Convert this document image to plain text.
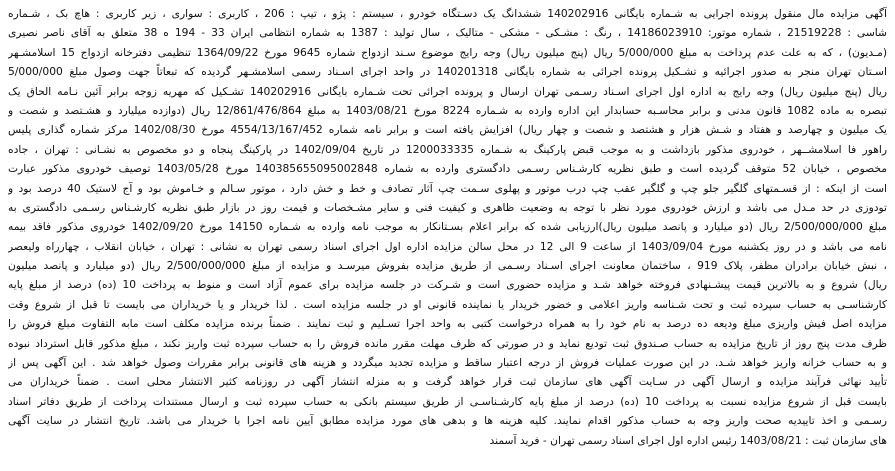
آگهی مزایده مال منقول پرونده اجرایی به شـماره بایگانی 140202916 ششدانگ یک دسـتگاه خودرو ، سیستم : پژو ، تیپ : 206 ، کاربری : سواری ، زیر کاربری : هاچ بک ، شـماره
شاسی : 21519228 ، شماره موتور: 14186023910 ، رنگ : مشـکی - مشکی - متالیک ، سال تولید : 1387 به شماره انتظامی ایران 33 - 194 ه 38 متعلق به آقای ناصر نصیری
(مـدیون) ، که به علت عدم پرداخت به مبلغ 5/000/000 ریال (پنج میلیون ریال) وجه رایج موضوع سـند ازدواج شماره 9645 مورخ 1364/09/22 تنظیمی دفترخانه ازدواج 15 اسلامشـهر
اسـتان تهران منجر به صدور اجرائیه و تشـکیل پرونده اجرائی به شماره بایگانی 140201318 در واحد اجرای اسـناد رسمی اسلامشـهر گردیده که تبعاتاً جهت وصول مبلغ 5/000/000
ریال (پنج میلیون ریال) وجه رایج به اداره اول اجرای اسـناد رسـمی تهران ارسال و پرونده اجرائی تحت شـماره بایگانی 140202916 تشـکیل که مهریه زوجه برابر آئین نـامه الحاق یک
تبصره به ماده 1082 قانون مدنی و برابر محاسـبه حسابدار این اداره وارده به شـماره 8224 مورخ 1403/08/21 به مبلغ 12/861/476/864 ریال (دوازده میلیارد و هشـتصد و شصت و
یک میلیون و چهارصد و هفتاد و شـش هزار و هشتصد و شصت و چهار ریال) افزایش یافته است و برابر نامه شماره 4554/13/167/452 مورخ 1402/08/30 مرکز شماره گذاری پلیس
راهور فا اسلامشــهر ، خودروی مذکور بازداشت و به موجب قبض پارکینگ به شـماره 1200033335 در تاریخ 1402/09/04 در پارکینگ پنجاه و دو مخصوص به نشـانی : تهران ، جاده
مخصوص ، خیابان 52 متوقف گردیده است و طبق نظریه کارشـناس رسـمی دادگستری وارده به شماره 140385655095002848 مورخ 1403/05/28 توصیف خودروی مذکور عبارت
است از اینکه : از قسـمتهای گلگیر جلو چپ و گلگیر عقب چپ درب موتور و پهلوی سـمت چپ آثار تصادف و خط و خش دارد ، موتور سـالم و خـاموش بود و آج لاستیک 40 درصد بود و
تودوزی در حد مـدل می باشد و ارزش خودروی مورد نظر با توجه به وضعیت ظاهری و کیفیت فنی و سایر مشـخصات و قیمت روز در بازار طبق نظریه کارشـناس رسـمی دادگستری به
مبلغ 2/500/000/000 ریال (دو میلیارد و پانصد میلیون ریال)ارزیابی شده که برابر اعلام بسـتانکار به موجب نامه وارده به شـماره 14150 مورخ 1402/09/20 خودروی مذکور فاقد بیمه
نامه می باشد و در روز یکشنبه مورخ 1403/09/04 از ساعت 9 الی 12 در محل سالن مزایده اداره اول اجرای اسناد رسمی تهران به نشانی : تهران ، خیابان انقلاب ، چهارراه ولیعصر
، نبش خیابان برادران مظفر، پلاک 919 ، ساختمان معاونت اجرای اسـناد رسـمی از طریق مزایده بفروش میرسـد و مزایده از مبلغ 2/500/000/000 ریال (دو میلیارد و پانصد میلیون
ریال) شروع و به بالاترین قیمت پیشـنهادی فروخته خواهد شـد و مزایده حضوری است و شـرکت در جلسه مزایده برای عموم آزاد است و منوط به پرداخت 10 (ده) درصد از مبلغ پایه
کارشناسـی به حساب سپرده ثبت و تحت شـناسه واریز اعلامی و خضور خریدار یا نماینده قانونی او در جلسه مزایده است . لذا خریدار و یا خریداران می بایست تا قبل از شروع وقت
مزایده اصل فیش واریزی مبلغ ودیعه ده درصد به نام خود را به همراه درخواست کتبی به واحد اجرا تسـلیم و ثبت نمایند . ضمناً برنده مزایده مکلف است مابه التفاوت مبلغ فروش را
ظرف مدت پنج روز از تاریخ مزایده به حساب صـندوق ثبت تودیع نماید و در صورتی که ظرف مهلت مقرر مانده فروش را به حساب سپرده ثبت واریز نکند ، مبلغ مذکور قابل استرداد نبوده
و به حساب خزانه واریز خواهد شـد. در این صورت عملیات فروش از درجه اعتبار ساقط و مزایده تجدید میگردد و هزینه های قانونی برابر مقررات وصول خواهد شد . این آگهی پس از
تأیید نهائی فرآیند مزایده و ارسال آگهی در سـایت آگهی های سازمان ثبت قرار خواهد گرفت و به منزله انتشار آگهی در روزنامه کثیر الانتشار محلی است . ضمناً خریداران می
بایست قبل از شروع مزایده نسبت به پرداخت 10 (ده) درصد از مبلغ پایه کارشـناسـی از طریق سیستم بانکی به حساب سپرده ثبت و ارسال مستندات پرداخت از طریق دفاتر اسناد
رسـمی و اخذ تاییدیه صحت واریز وجه به حساب مذکور اقدام نمایند. کلیه هزینه ها و بدهی های مورد مزایده مطابق آیین نامه اجرا با خریدار می باشد. تاریخ انتشار در سایت آگهی
های سازمان ثبت : 1403/08/21 رئیس اداره اول اجرای اسناد رسمی تهران - فرید آسمند
